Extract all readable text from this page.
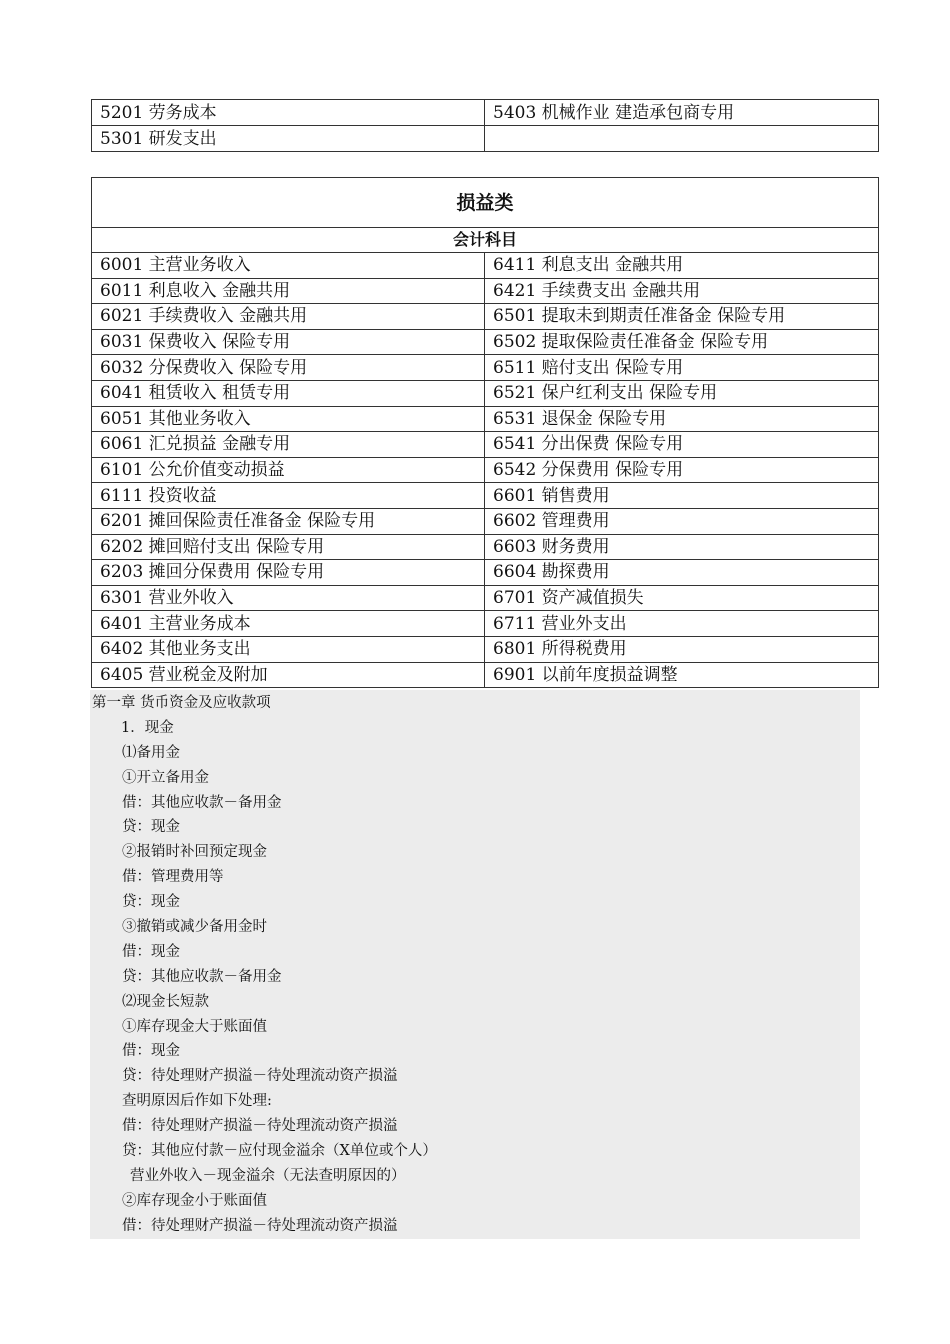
5201 劳务成本	5403 机械作业 建造承包商专用
5301 研发支出	
损益类	
会计科目	
6001 主营业务收入	6411 利息支出 金融共用
6011 利息收入 金融共用	6421 手续费支出 金融共用
6021 手续费收入 金融共用	6501 提取未到期责任准备金 保险专用
6031 保费收入 保险专用	6502 提取保险责任准备金 保险专用
6032 分保费收入 保险专用	6511 赔付支出 保险专用
6041 租赁收入 租赁专用	6521 保户红利支出 保险专用
6051 其他业务收入	6531 退保金 保险专用
6061 汇兑损益 金融专用	6541 分出保费 保险专用
6101 公允价值变动损益	6542 分保费用 保险专用
6111 投资收益	6601 销售费用
6201 摊回保险责任准备金 保险专用	6602 管理费用
6202 摊回赔付支出 保险专用	6603 财务费用
6203 摊回分保费用 保险专用	6604 勘探费用
6301 营业外收入	6701 资产减值损失
6401 主营业务成本	6711 营业外支出
6402 其他业务支出	6801 所得税费用
6405 营业税金及附加	6901 以前年度损益调整
第一章 货币资金及应收款项
1．现金
⑴备用金
①开立备用金
借：其他应收款－备用金
贷：现金
②报销时补回预定现金
借：管理费用等
贷：现金
③撤销或减少备用金时
借：现金
贷：其他应收款－备用金
⑵现金长短款
①库存现金大于账面值
借：现金
贷：待处理财产损溢－待处理流动资产损溢
查明原因后作如下处理:
借：待处理财产损溢－待处理流动资产损溢
贷：其他应付款－应付现金溢余（X单位或个人）
营业外收入－现金溢余（无法查明原因的）
②库存现金小于账面值
借：待处理财产损溢－待处理流动资产损溢
